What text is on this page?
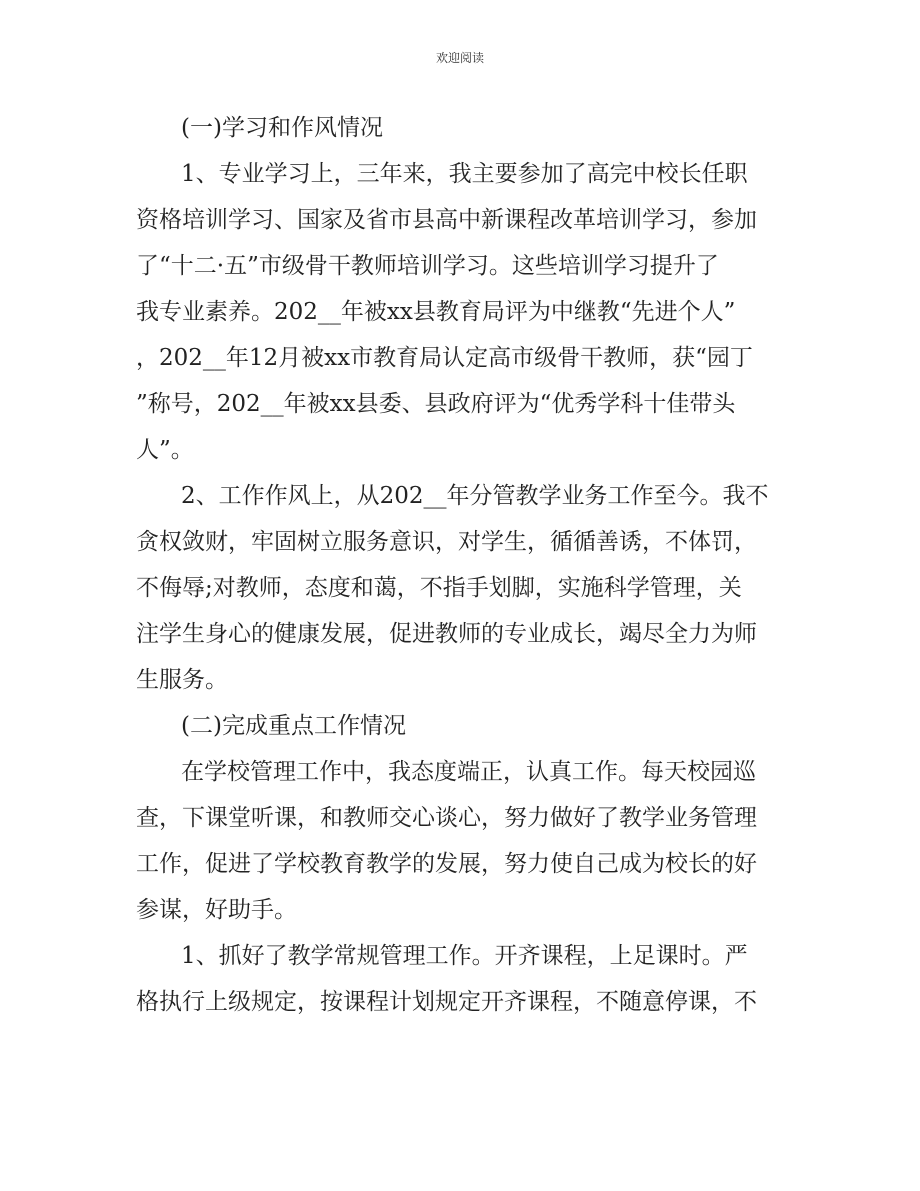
欢迎阅读
(一)学习和作风情况
1、专业学习上，三年来，我主要参加了高完中校长任职
资格培训学习、国家及省市县高中新课程改革培训学习，参加
了“十二·五”市级骨干教师培训学习。这些培训学习提升了
我专业素养。202__年被xx县教育局评为中继教“先进个人”
，202__年12月被xx市教育局认定高市级骨干教师，获“园丁
”称号，202__年被xx县委、县政府评为“优秀学科十佳带头
人”。
2、工作作风上，从202__年分管教学业务工作至今。我不
贪权敛财，牢固树立服务意识，对学生，循循善诱，不体罚，
不侮辱;对教师，态度和蔼，不指手划脚，实施科学管理，关
注学生身心的健康发展，促进教师的专业成长，竭尽全力为师
生服务。
(二)完成重点工作情况
在学校管理工作中，我态度端正，认真工作。每天校园巡
查，下课堂听课，和教师交心谈心，努力做好了教学业务管理
工作，促进了学校教育教学的发展，努力使自己成为校长的好
参谋，好助手。
1、抓好了教学常规管理工作。开齐课程，上足课时。严
格执行上级规定，按课程计划规定开齐课程，不随意停课，不
